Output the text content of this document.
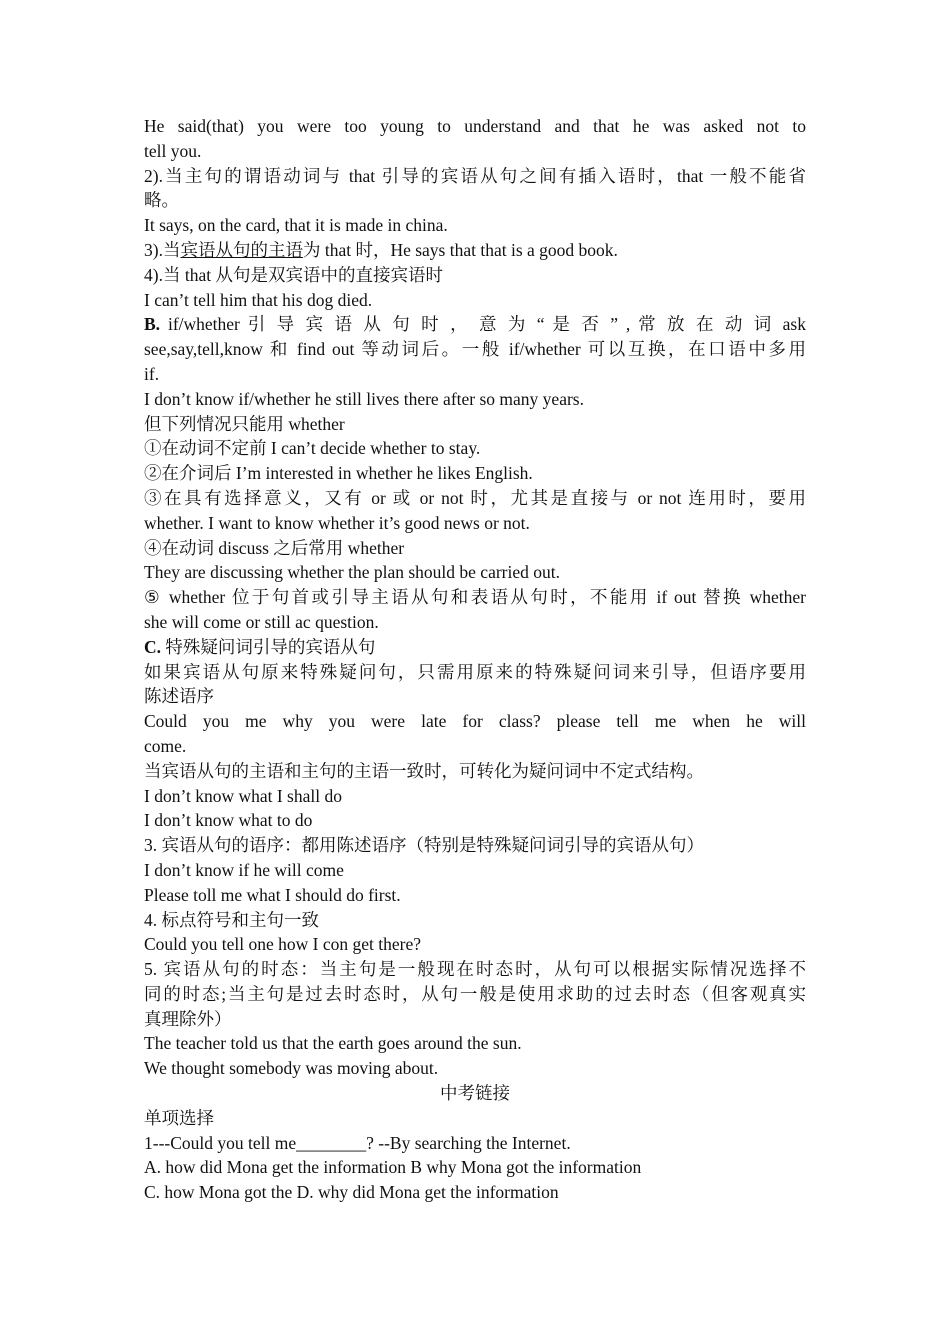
He said(that) you were too young to understand and that he was asked not to
tell you.
2).当主句的谓语动词与 that 引导的宾语从句之间有插入语时，that 一般不能省
略。
It says, on the card, that it is made in china.
3).当宾语从句的主语为 that 时，He says that that is a good book.
4).当 that 从句是双宾语中的直接宾语时
I can’t tell him that his dog died.
B. if/whether 引 导 宾 语 从 句 时 ， 意 为 “ 是 否 ” , 常 放 在 动 词 ask
see,say,tell,know 和 find out 等动词后。一般 if/whether 可以互换，在口语中多用
if.
I don’t know if/whether he still lives there after so many years.
但下列情况只能用 whether
①在动词不定前 I can’t decide whether to stay.
②在介词后 I’m interested in whether he likes English.
③在具有选择意义，又有 or 或 or not 时，尤其是直接与 or not 连用时，要用
whether. I want to know whether it’s good news or not.
④在动词 discuss 之后常用 whether
They are discussing whether the plan should be carried out.
⑤ whether 位于句首或引导主语从句和表语从句时，不能用 if out 替换 whether
she will come or still ac question.
C. 特殊疑问词引导的宾语从句
如果宾语从句原来特殊疑问句，只需用原来的特殊疑问词来引导，但语序要用
陈述语序
Could you me why you were late for class? please tell me when he will
come.
当宾语从句的主语和主句的主语一致时，可转化为疑问词中不定式结构。
I don’t know what I shall do
I don’t know what to do
3. 宾语从句的语序：都用陈述语序（特别是特殊疑问词引导的宾语从句）
I don’t know if he will come
Please toll me what I should do first.
4. 标点符号和主句一致
Could you tell one how I con get there?
5. 宾语从句的时态：当主句是一般现在时态时，从句可以根据实际情况选择不
同的时态;当主句是过去时态时，从句一般是使用求助的过去时态（但客观真实
真理除外）
The teacher told us that the earth goes around the sun.
We thought somebody was moving about.
中考链接
单项选择
1---Could you tell me________? --By searching the Internet.
A. how did Mona get the information B why Mona got the information
C. how Mona got the D. why did Mona get the information
